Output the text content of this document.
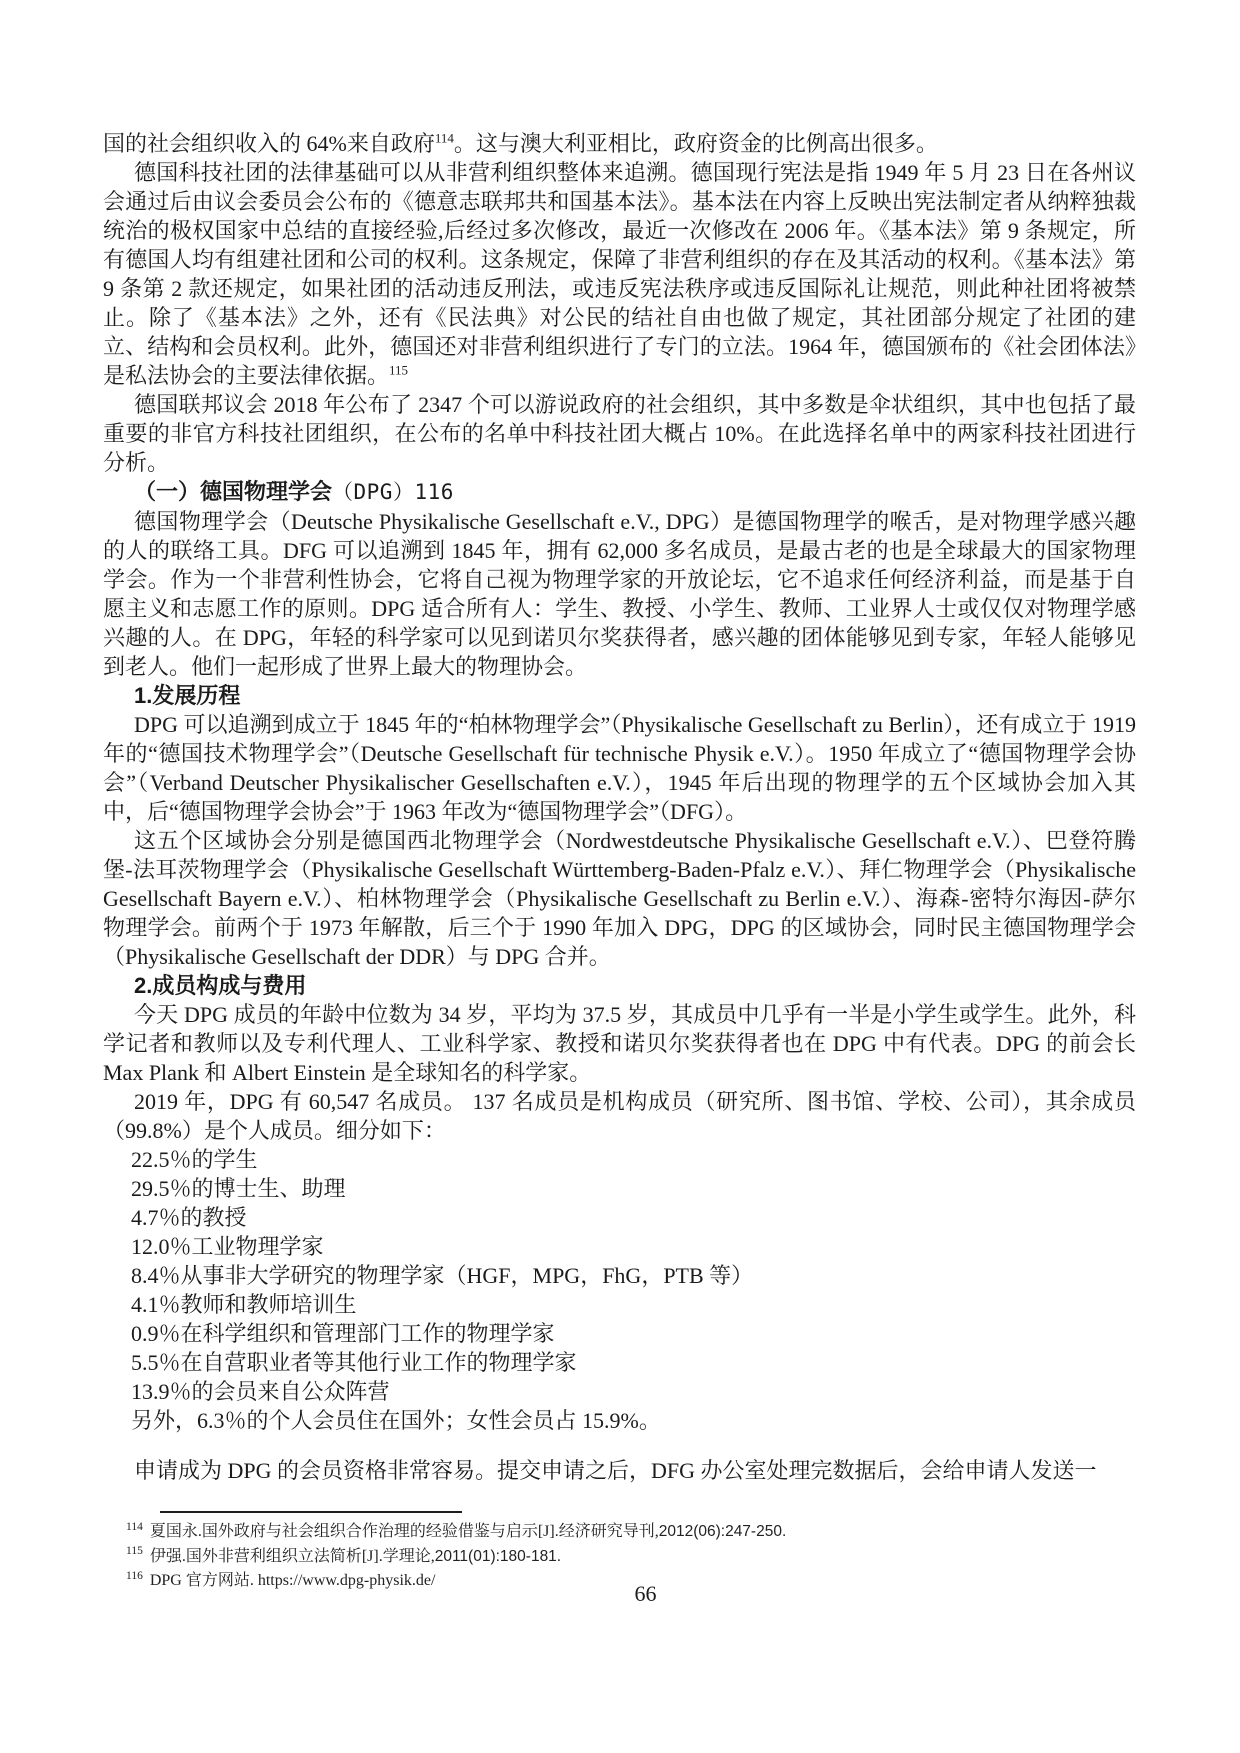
国的社会组织收入的 64%来自政府$^{114}$。这与澳大利亚相比，政府资金的比例高出很多。

德国科技社团的法律基础可以从非营利组织整体来追溯。德国现行宪法是指 1949 年 5 月 23 日在各州议会通过后由议会委员会公布的《德意志联邦共和国基本法》。基本法在内容上反映出宪法制定者从纳粹独裁统治的极权国家中总结的直接经验,后经过多次修改，最近一次修改在 2006 年。《基本法》第 9 条规定，所有德国人均有组建社团和公司的权利。这条规定，保障了非营利组织的存在及其活动的权利。《基本法》第 9 条第 2 款还规定，如果社团的活动违反刑法，或违反宪法秩序或违反国际礼让规范，则此种社团将被禁止。除了《基本法》之外，还有《民法典》对公民的结社自由也做了规定，其社团部分规定了社团的建立、结构和会员权利。此外，德国还对非营利组织进行了专门的立法。1964 年，德国颁布的《社会团体法》是私法协会的主要法律依据。$^{115}$

德国联邦议会 2018 年公布了 2347 个可以游说政府的社会组织，其中多数是伞状组织，其中也包括了最重要的非官方科技社团组织，在公布的名单中科技社团大概占 10%。在此选择名单中的两家科技社团进行分析。

（一）德国物理学会（DPG）116

德国物理学会（Deutsche Physikalische Gesellschaft e.V., DPG）是德国物理学的喉舌，是对物理学感兴趣的人的联络工具。DFG 可以追溯到 1845 年，拥有 62,000 多名成员，是最古老的也是全球最大的国家物理学会。作为一个非营利性协会，它将自己视为物理学家的开放论坛，它不追求任何经济利益，而是基于自愿主义和志愿工作的原则。DPG 适合所有人：学生、教授、小学生、教师、工业界人士或仅仅对物理学感兴趣的人。在 DPG，年轻的科学家可以见到诺贝尔奖获得者，感兴趣的团体能够见到专家，年轻人能够见到老人。他们一起形成了世界上最大的物理协会。

1.发展历程

DPG 可以追溯到成立于 1845 年的“柏林物理学会”（Physikalische Gesellschaft zu Berlin），还有成立于 1919 年的“德国技术物理学会”（Deutsche Gesellschaft für technische Physik e.V.）。1950 年成立了“德国物理学会协会”（Verband Deutscher Physikalischer Gesellschaften e.V.），1945 年后出现的物理学的五个区域协会加入其中，后“德国物理学会协会”于 1963 年改为“德国物理学会”（DFG）。

这五个区域协会分别是德国西北物理学会（Nordwestdeutsche Physikalische Gesellschaft e.V.）、巴登符腾堡-法耳茨物理学会（Physikalische Gesellschaft Württemberg-Baden-Pfalz e.V.）、拜仁物理学会（Physikalische Gesellschaft Bayern e.V.）、柏林物理学会（Physikalische Gesellschaft zu Berlin e.V.）、海森-密特尔海因-萨尔物理学会。前两个于 1973 年解散，后三个于 1990 年加入 DPG，DPG 的区域协会，同时民主德国物理学会（Physikalische Gesellschaft der DDR）与 DPG 合并。

2.成员构成与费用

今天 DPG 成员的年龄中位数为 34 岁，平均为 37.5 岁，其成员中几乎有一半是小学生或学生。此外，科学记者和教师以及专利代理人、工业科学家、教授和诺贝尔奖获得者也在 DPG 中有代表。DPG 的前会长 Max Plank 和 Albert Einstein 是全球知名的科学家。

2019 年，DPG 有 60,547 名成员。 137 名成员是机构成员（研究所、图书馆、学校、公司），其余成员（99.8%）是个人成员。细分如下：

22.5％的学生

29.5％的博士生、助理

4.7％的教授

12.0％工业物理学家

8.4％从事非大学研究的物理学家（HGF，MPG，FhG，PTB 等）

4.1％教师和教师培训生

0.9％在科学组织和管理部门工作的物理学家

5.5％在自营职业者等其他行业工作的物理学家

13.9％的会员来自公众阵营

另外，6.3％的个人会员住在国外；女性会员占 15.9%。

申请成为 DPG 的会员资格非常容易。提交申请之后，DFG 办公室处理完数据后，会给申请人发送一

$^{114}$ 夏国永.国外政府与社会组织合作治理的经验借鉴与启示[J].经济研究导刊,2012(06):247-250.

$^{115}$ 伊强.国外非营利组织立法简析[J].学理论,2011(01):180-181.

$^{116}$ DPG 官方网站. https://www.dpg-physik.de/

66
